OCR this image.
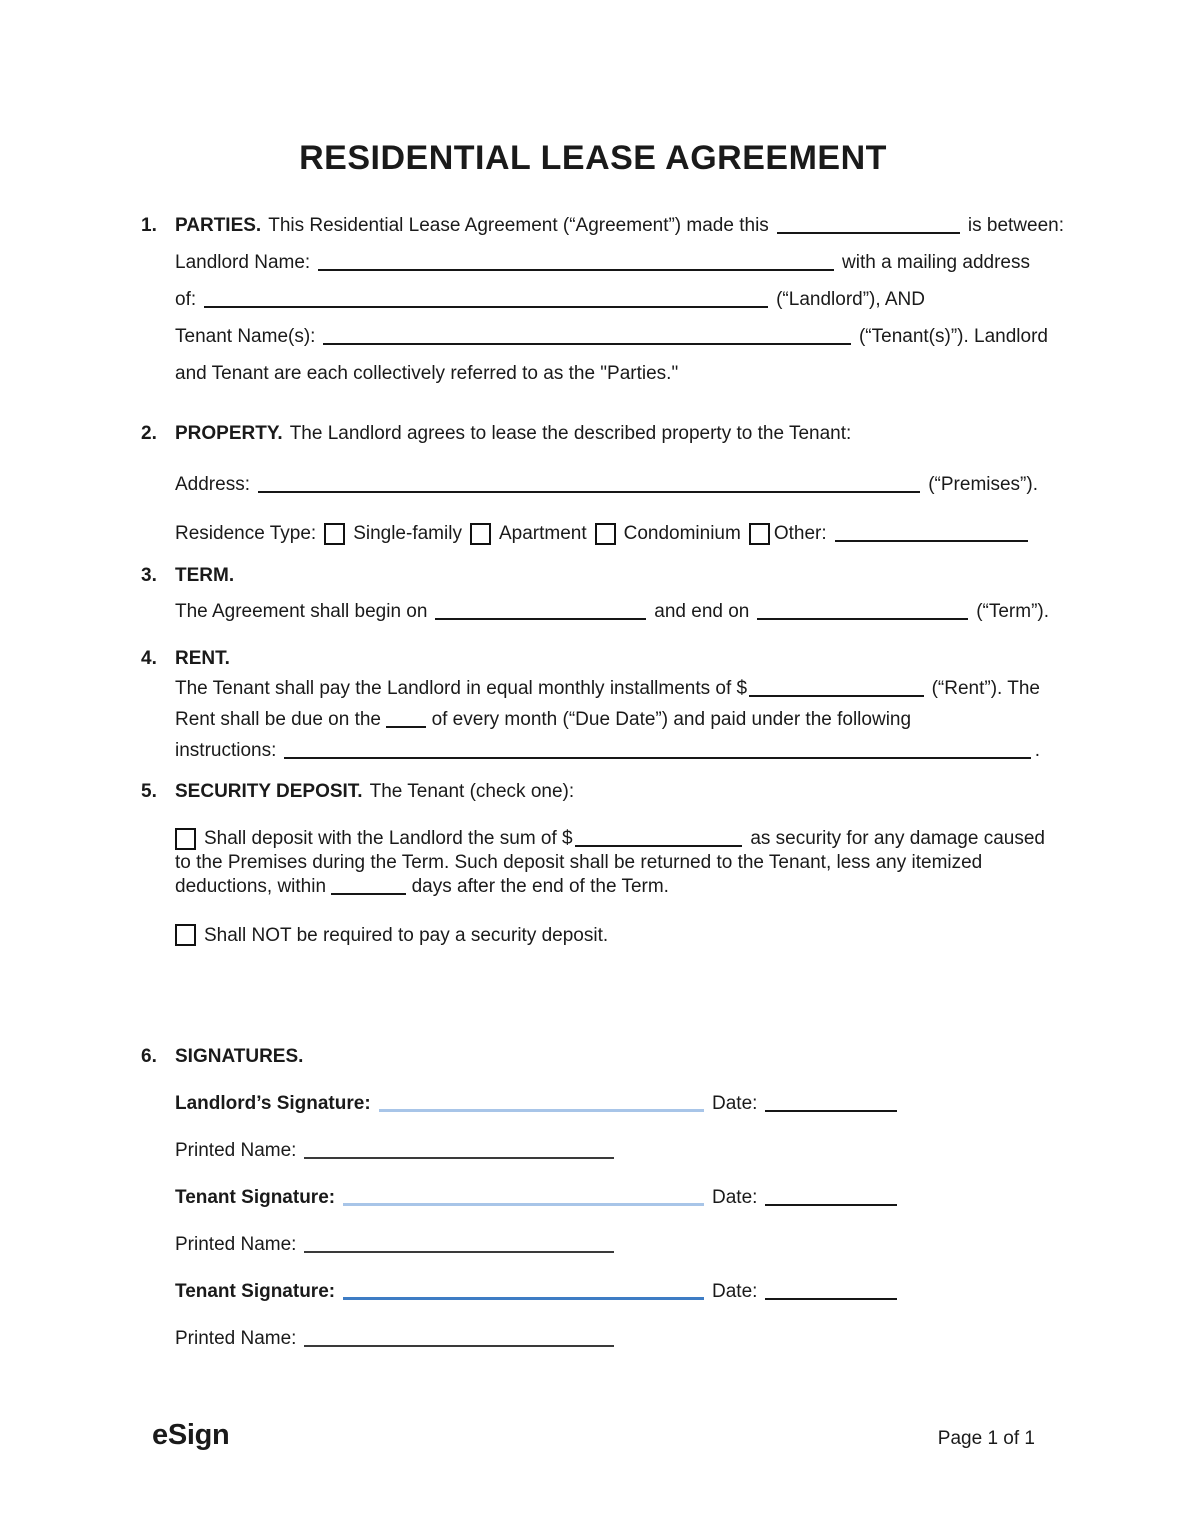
RESIDENTIAL LEASE AGREEMENT
1. PARTIES. This Residential Lease Agreement (“Agreement”) made this	is between:
Landlord Name:	with a mailing address
of:	(“Landlord”), AND
Tenant Name(s):	(“Tenant(s)”). Landlord
and Tenant are each collectively referred to as the "Parties."
2. PROPERTY. The Landlord agrees to lease the described property to the Tenant:
Address:	(“Premises”).
Residence Type: Single-family Apartment Condominium Other:
3. TERM.
The Agreement shall begin on	and end on	(“Term”).
4. RENT.
The Tenant shall pay the Landlord in equal monthly installments of $	(“Rent”). The
Rent shall be due on the	of every month (“Due Date”) and paid under the following
instructions:	.
5. SECURITY DEPOSIT. The Tenant (check one):
Shall deposit with the Landlord the sum of $	as security for any damage caused
to the Premises during the Term. Such deposit shall be returned to the Tenant, less any itemized
deductions, within	days after the end of the Term.
Shall NOT be required to pay a security deposit.
6. SIGNATURES.
Landlord’s Signature:	Date:
Printed Name:
Tenant Signature:	Date:
Printed Name:
Tenant Signature:	Date:
Printed Name:
eSign	Page 1 of 1
